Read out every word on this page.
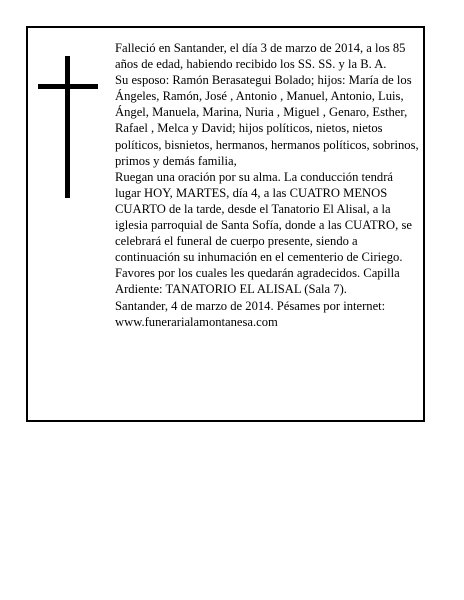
Falleció en Santander, el día 3 de marzo de 2014, a los 85 años de edad, habiendo recibido los SS. SS. y la B. A.

Su esposo: Ramón Berasategui Bolado; hijos: María de los Ángeles, Ramón, José , Antonio , Manuel, Antonio, Luis, Ángel, Manuela, Marina, Nuria , Miguel , Genaro, Esther, Rafael , Melca y David; hijos políticos, nietos, nietos políticos, bisnietos, hermanos, hermanos políticos, sobrinos, primos y demás familia,

Ruegan una oración por su alma. La conducción tendrá lugar HOY, MARTES, día 4, a las CUATRO MENOS CUARTO de la tarde, desde el Tanatorio El Alisal, a la iglesia parroquial de Santa Sofía, donde a las CUATRO, se celebrará el funeral de cuerpo presente, siendo a continuación su inhumación en el cementerio de Ciriego. Favores por los cuales les quedarán agradecidos. Capilla Ardiente: TANATORIO EL ALISAL (Sala 7).

Santander, 4 de marzo de 2014. Pésames por internet: www.funerarialamontanesa.com
